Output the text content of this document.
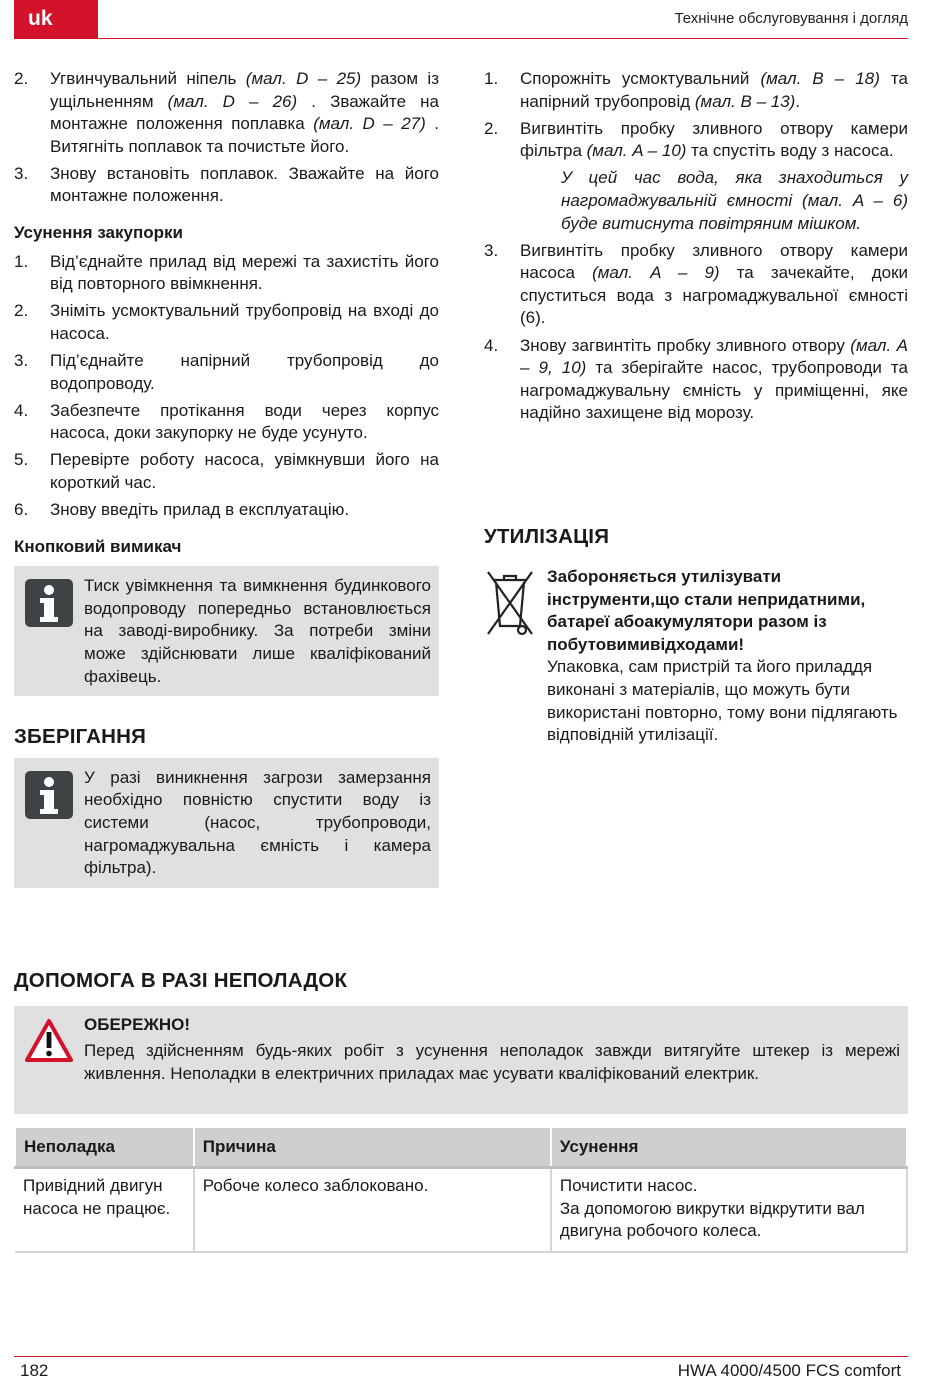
uk	Технічне обслуговування і догляд
2. Угвинчувальний ніпель (мал. D – 25) разом із ущільненням (мал. D – 26) . Зважайте на монтажне положення поплавка (мал. D – 27) . Витягніть поплавок та почистьте його.
3. Знову встановіть поплавок. Зважайте на його монтажне положення.
Усунення закупорки
1. Від’єднайте прилад від мережі та захистіть його від повторного ввімкнення.
2. Зніміть усмоктувальний трубопровід на вході до насоса.
3. Під’єднайте напірний трубопровід до водопроводу.
4. Забезпечте протікання води через корпус насоса, доки закупорку не буде усунуто.
5. Перевірте роботу насоса, увімкнувши його на короткий час.
6. Знову введіть прилад в експлуатацію.
Кнопковий вимикач
Тиск увімкнення та вимкнення будинкового водопроводу попередньо встановлюється на заводі-виробнику. За потреби зміни може здійснювати лише кваліфікований фахівець.
ЗБЕРІГАННЯ
У разі виникнення загрози замерзання необхідно повністю спустити воду із системи (насос, трубопроводи, нагромаджувальна ємність і камера фільтра).
1. Спорожніть усмоктувальний (мал. B – 18) та напірний трубопровід (мал. B – 13).
2. Вигвинтіть пробку зливного отвору камери фільтра (мал. A – 10) та спустіть воду з насоса.

У цей час вода, яка знаходиться у нагромаджувальній ємності (мал. A – 6) буде витиснута повітряним мішком.

3. Вигвинтіть пробку зливного отвору камери насоса (мал. A – 9) та зачекайте, доки спуститься вода з нагромаджувальної ємності (6).
4. Знову загвинтіть пробку зливного отвору (мал. A – 9, 10) та зберігайте насос, трубопроводи та нагромаджувальну ємність у приміщенні, яке надійно захищене від морозу.
УТИЛІЗАЦІЯ

Забороняється утилізувати інструменти,що стали непридатними, батареї абоакумулятори разом із побутовимивідходами!

Упаковка, сам пристрій та його приладдя виконані з матеріалів, що можуть бути використані повторно, тому вони підлягають відповідній утилізації.

ДОПОМОГА В РАЗІ НЕПОЛАДОК
ОБЕРЕЖНО!
Перед здійсненням будь-яких робіт з усунення неполадок завжди витягуйте штекер із мережі живлення. Неполадки в електричних приладах має усувати кваліфікований електрик.
Неполадка	Причина	Усунення
Привідний двигун насоса не працює.	Робоче колесо заблоковано.	Почистити насос.
За допомогою викрутки відкрутити вал двигуна робочого колеса.
182	HWA 4000/4500 FCS comfort
